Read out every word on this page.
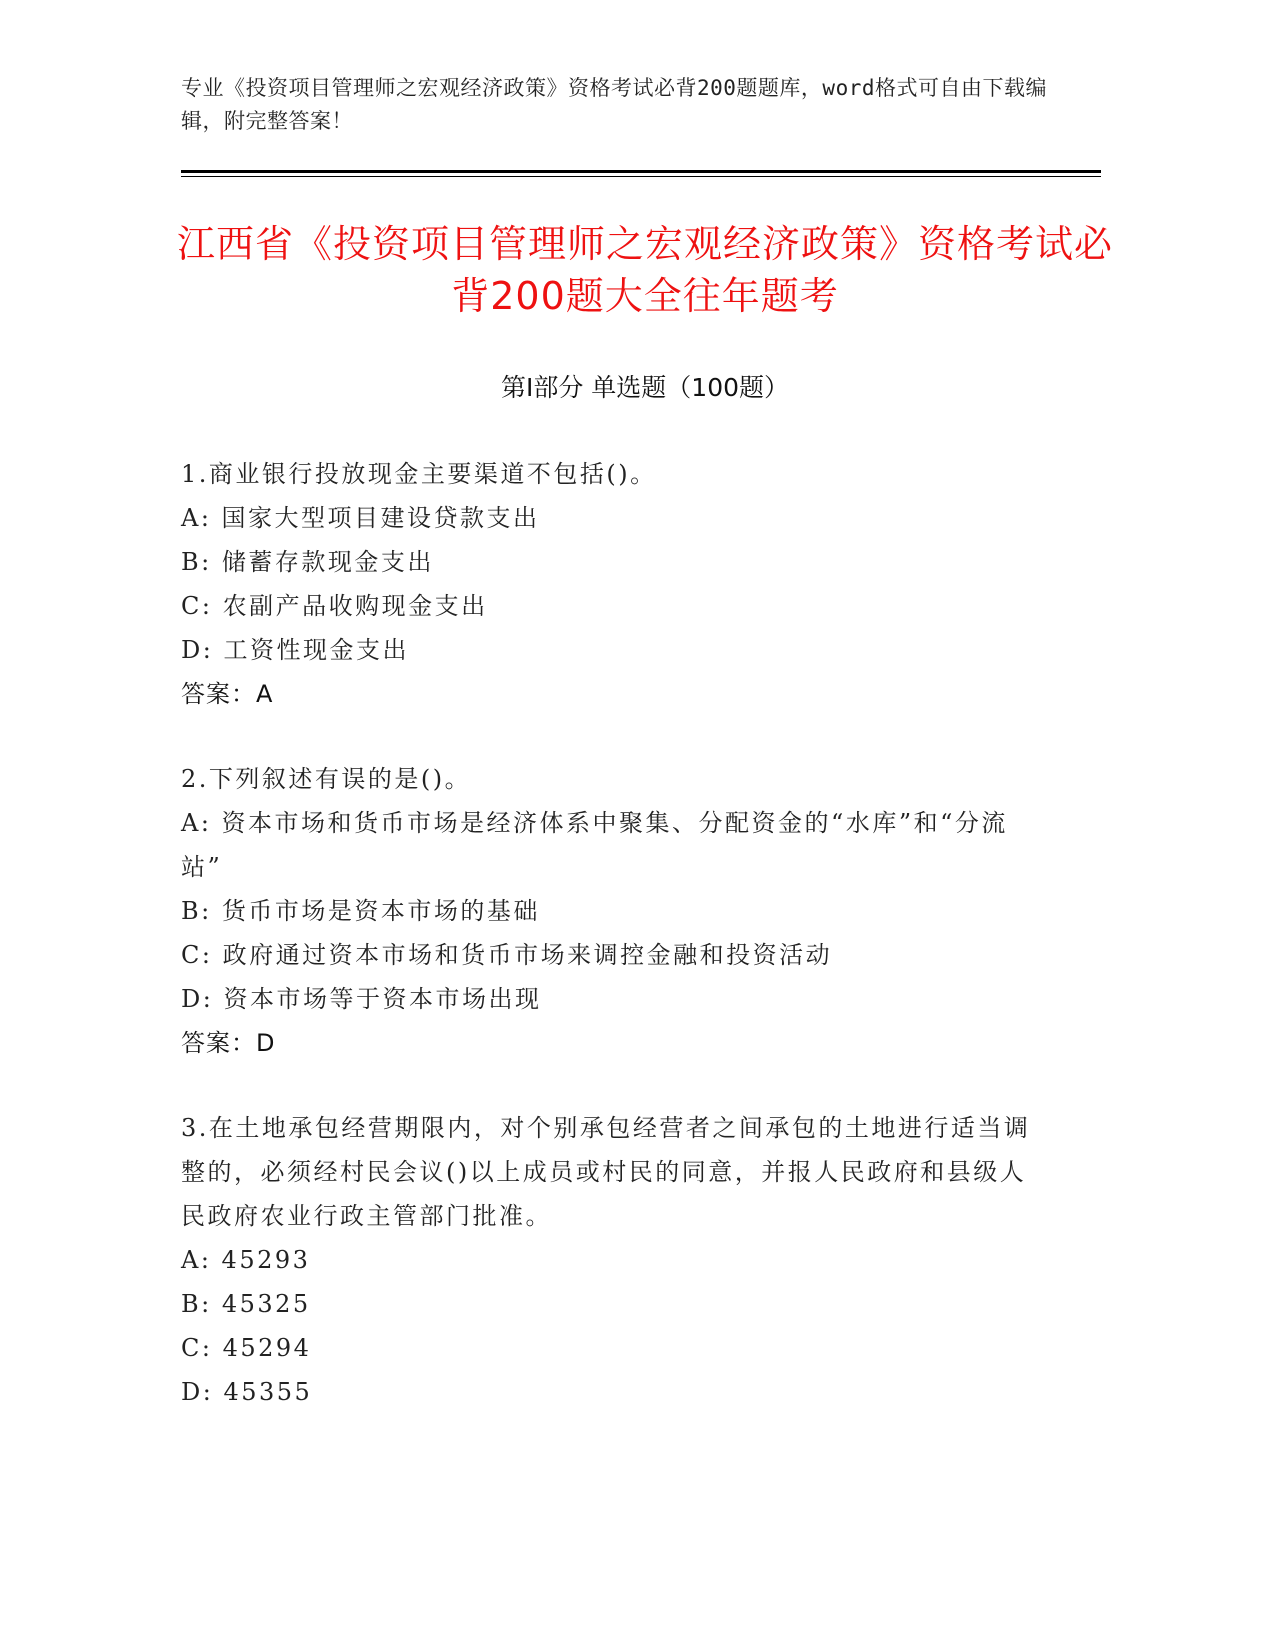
专业《投资项目管理师之宏观经济政策》资格考试必背200题题库，word格式可自由下载编辑，附完整答案！
江西省《投资项目管理师之宏观经济政策》资格考试必背200题大全往年题考
第Ⅰ部分 单选题（100题）
1.商业银行投放现金主要渠道不包括()。
A: 国家大型项目建设贷款支出
B: 储蓄存款现金支出
C: 农副产品收购现金支出
D: 工资性现金支出
答案：A
2.下列叙述有误的是()。
A: 资本市场和货币市场是经济体系中聚集、分配资金的“水库”和“分流站”
B: 货币市场是资本市场的基础
C: 政府通过资本市场和货币市场来调控金融和投资活动
D: 资本市场等于资本市场出现
答案：D
3.在土地承包经营期限内，对个别承包经营者之间承包的土地进行适当调整的，必须经村民会议()以上成员或村民的同意，并报人民政府和县级人民政府农业行政主管部门批准。
A: 45293
B: 45325
C: 45294
D: 45355
